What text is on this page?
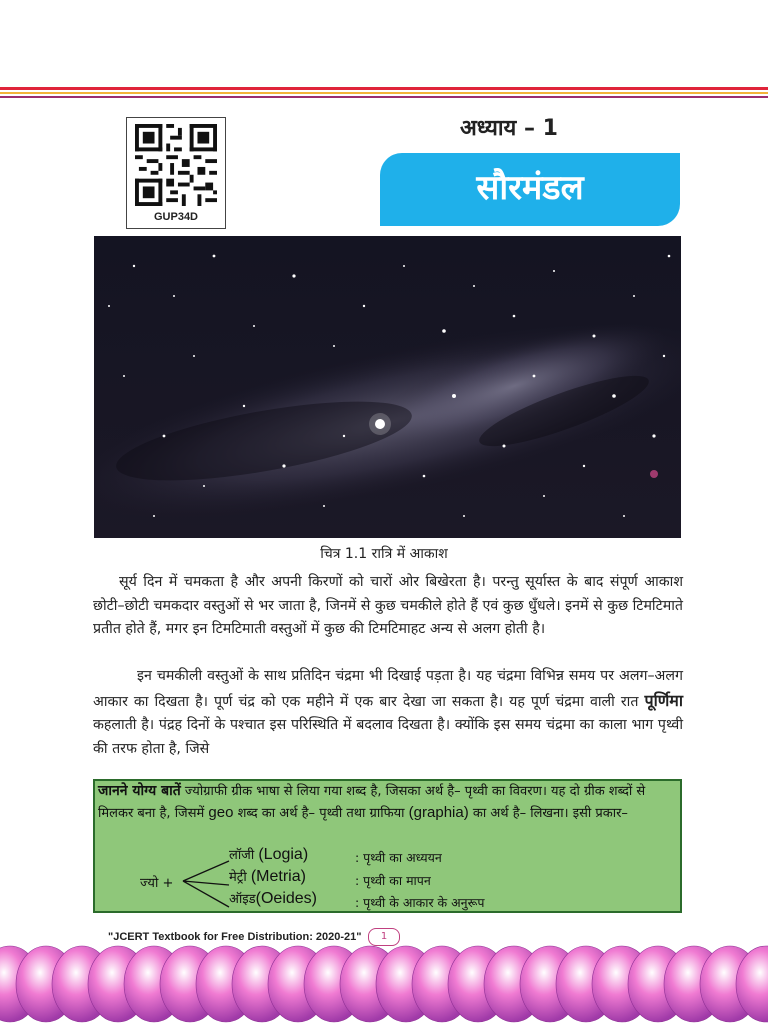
GUP34D
अध्याय – 1
सौरमंडल
चित्र 1.1 रात्रि में आकाश

सूर्य दिन में चमकता है और अपनी किरणों को चारों ओर बिखेरता है। परन्तु सूर्यास्त के बाद संपूर्ण आकाश छोटी–छोटी चमकदार वस्तुओं से भर जाता है, जिनमें से कुछ चमकीले होते हैं एवं कुछ धुँधले। इनमें से कुछ टिमटिमाते प्रतीत होते हैं, मगर इन टिमटिमाती वस्तुओं में कुछ की टिमटिमाहट अन्य से अलग होती है।

इन चमकीली वस्तुओं के साथ प्रतिदिन चंद्रमा भी दिखाई पड़ता है। यह चंद्रमा विभिन्न समय पर अलग–अलग आकार का दिखता है। पूर्ण चंद्र को एक महीने में एक बार देखा जा सकता है। यह पूर्ण चंद्रमा वाली रात पूर्णिमा कहलाती है। पंद्रह दिनों के पश्चात इस परिस्थिति में बदलाव दिखता है। क्योंकि इस समय चंद्रमा का काला भाग पृथ्वी की तरफ होता है, जिसे

जानने योग्य बातें ज्योग्राफी ग्रीक भाषा से लिया गया शब्द है, जिसका अर्थ है– पृथ्वी का विवरण। यह दो ग्रीक शब्दों से मिलकर बना है, जिसमें geo शब्द का अर्थ है– पृथ्वी तथा ग्राफिया (graphia) का अर्थ है– लिखना। इसी प्रकार–
ज्यो +
लॉजी (Logia)	: पृथ्वी का अध्ययन
मेट्री (Metria)	: पृथ्वी का मापन
ऑइड(Oeides)	: पृथ्वी के आकार के अनुरूप
"JCERT Textbook for Free Distribution: 2020-21"	1
